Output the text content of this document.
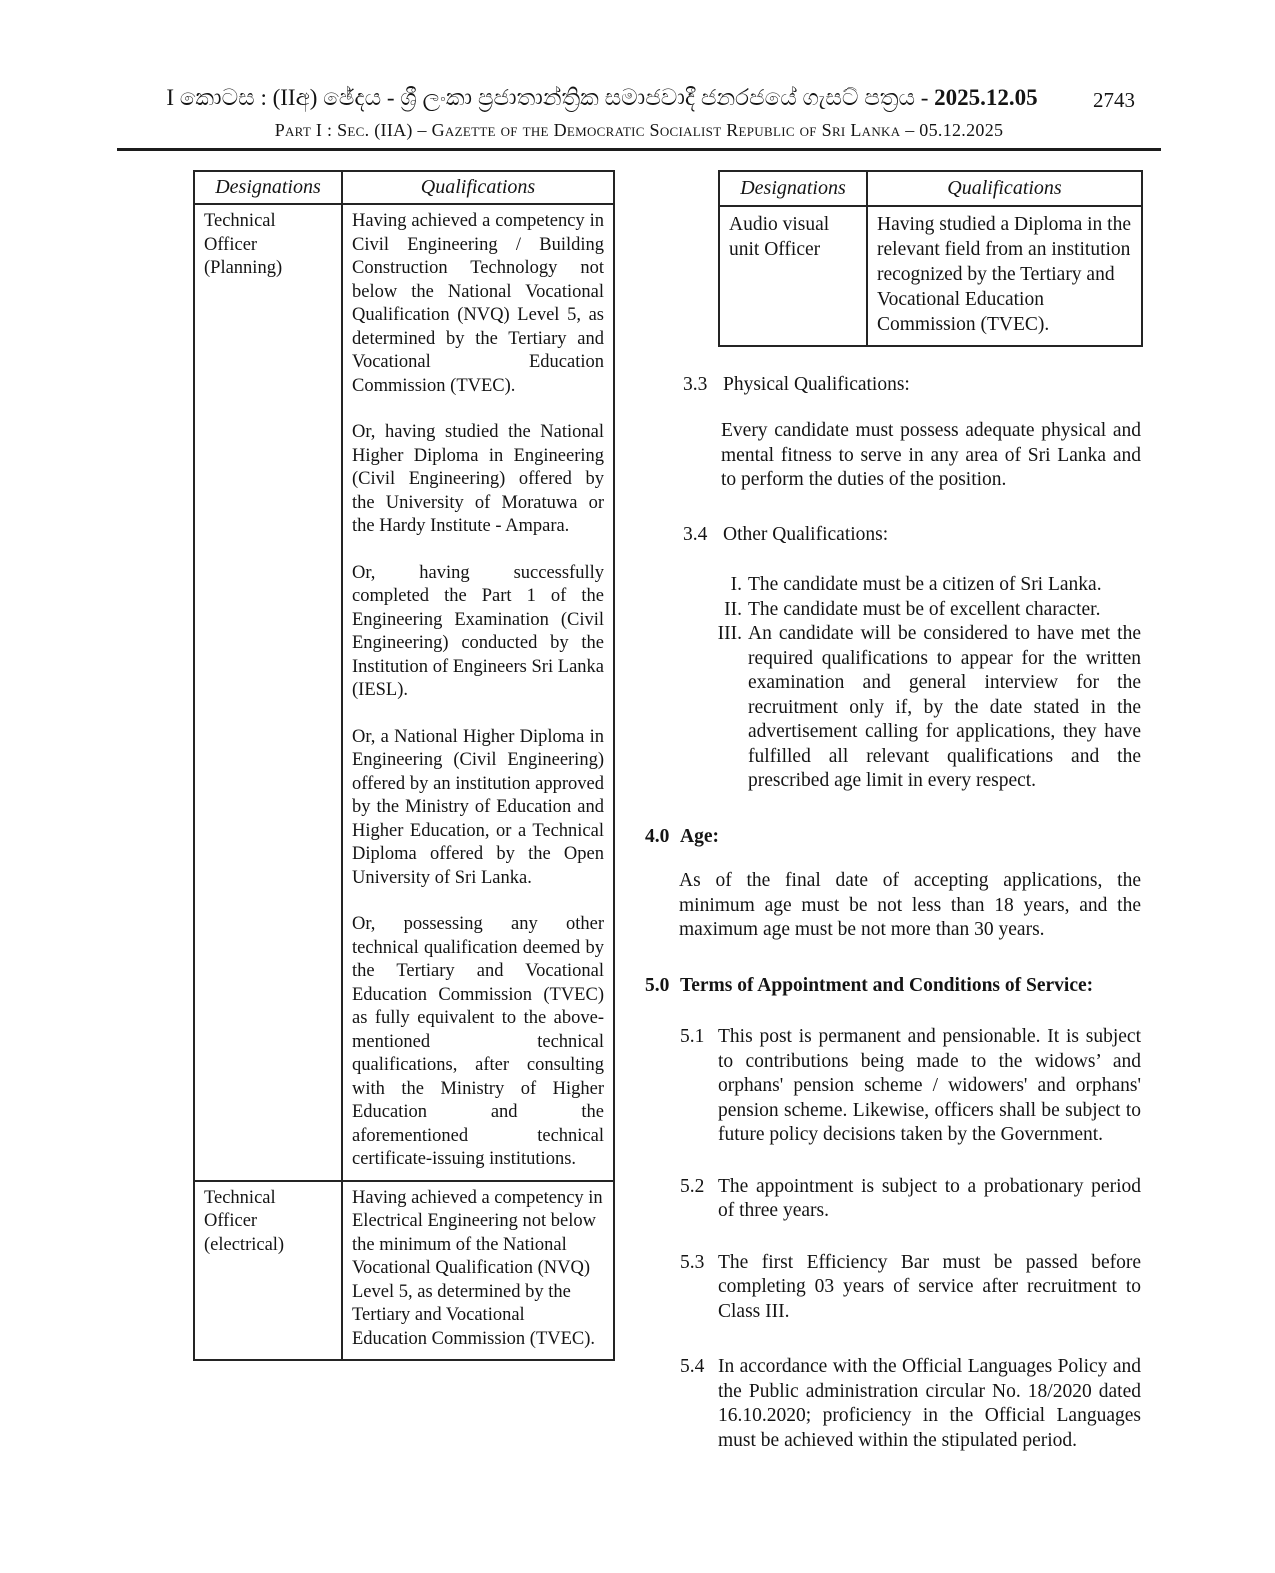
I කොටස : (IIඅ) ඡේදය - ශ්‍රී ලංකා ප්‍රජාතාන්ත්‍රික සමාජවාදී ජනරජයේ ගැසට් පත්‍රය - 2025.12.05	2743
Part I : Sec. (IIA) – Gazette of the Democratic Socialist Republic of Sri Lanka – 05.12.2025
Designations	Qualifications
Technical Officer (Planning)	Having achieved a competency in Civil Engineering / Building Construction Technology not below the National Vocational Qualification (NVQ) Level 5, as determined by the Tertiary and Vocational Education Commission (TVEC).

Or, having studied the National Higher Diploma in Engineering (Civil Engineering) offered by the University of Moratuwa or the Hardy Institute - Ampara.

Or, having successfully completed the Part 1 of the Engineering Examination (Civil Engineering) conducted by the Institution of Engineers Sri Lanka (IESL).

Or, a National Higher Diploma in Engineering (Civil Engineering) offered by an institution approved by the Ministry of Education and Higher Education, or a Technical Diploma offered by the Open University of Sri Lanka.

Or, possessing any other technical qualification deemed by the Tertiary and Vocational Education Commission (TVEC) as fully equivalent to the above-mentioned technical qualifications, after consulting with the Ministry of Higher Education and the aforementioned technical certificate-issuing institutions.

Technical Officer (electrical)	Having achieved a competency in Electrical Engineering not below the minimum of the National Vocational Qualification (NVQ) Level 5, as determined by the Tertiary and Vocational Education Commission (TVEC).

Designations	Qualifications
Audio visual unit Officer	Having studied a Diploma in the relevant field from an institution recognized by the Tertiary and Vocational Education Commission (TVEC).

3.3 Physical Qualifications:
Every candidate must possess adequate physical and mental fitness to serve in any area of Sri Lanka and to perform the duties of the position.
3.4 Other Qualifications:
I. The candidate must be a citizen of Sri Lanka.
II. The candidate must be of excellent character.
III. An candidate will be considered to have met the required qualifications to appear for the written examination and general interview for the recruitment only if, by the date stated in the advertisement calling for applications, they have fulfilled all relevant qualifications and the prescribed age limit in every respect.
4.0 Age:
As of the final date of accepting applications, the minimum age must be not less than 18 years, and the maximum age must be not more than 30 years.
5.0 Terms of Appointment and Conditions of Service:
5.1 This post is permanent and pensionable. It is subject to contributions being made to the widows’ and orphans' pension scheme / widowers' and orphans' pension scheme. Likewise, officers shall be subject to future policy decisions taken by the Government.
5.2 The appointment is subject to a probationary period of three years.
5.3 The first Efficiency Bar must be passed before completing 03 years of service after recruitment to Class III.
5.4 In accordance with the Official Languages Policy and the Public administration circular No. 18/2020 dated 16.10.2020; proficiency in the Official Languages must be achieved within the stipulated period.
